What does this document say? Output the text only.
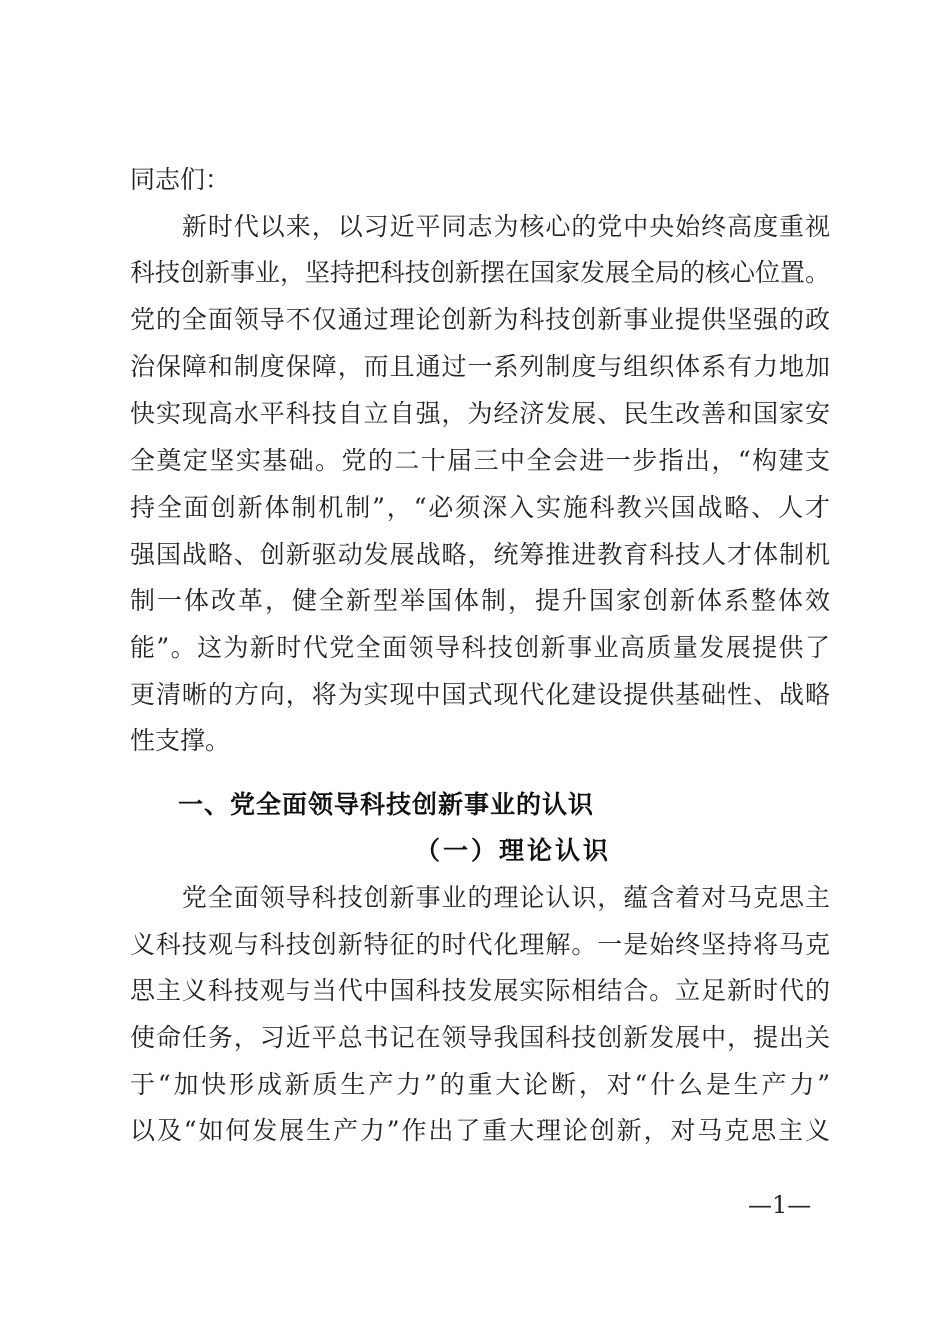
同志们：
　　新时代以来，以习近平同志为核心的党中央始终高度重视
科技创新事业，坚持把科技创新摆在国家发展全局的核心位置。
党的全面领导不仅通过理论创新为科技创新事业提供坚强的政
治保障和制度保障，而且通过一系列制度与组织体系有力地加
快实现高水平科技自立自强，为经济发展、民生改善和国家安
全奠定坚实基础。党的二十届三中全会进一步指出，“构建支
持全面创新体制机制”，“必须深入实施科教兴国战略、人才
强国战略、创新驱动发展战略，统筹推进教育科技人才体制机
制一体改革，健全新型举国体制，提升国家创新体系整体效
能”。这为新时代党全面领导科技创新事业高质量发展提供了
更清晰的方向，将为实现中国式现代化建设提供基础性、战略
性支撑。
一、党全面领导科技创新事业的认识
（一）理论认识
　　党全面领导科技创新事业的理论认识，蕴含着对马克思主
义科技观与科技创新特征的时代化理解。一是始终坚持将马克
思主义科技观与当代中国科技发展实际相结合。立足新时代的
使命任务，习近平总书记在领导我国科技创新发展中，提出关
于“加快形成新质生产力”的重大论断，对“什么是生产力”
以及“如何发展生产力”作出了重大理论创新，对马克思主义
—1—
